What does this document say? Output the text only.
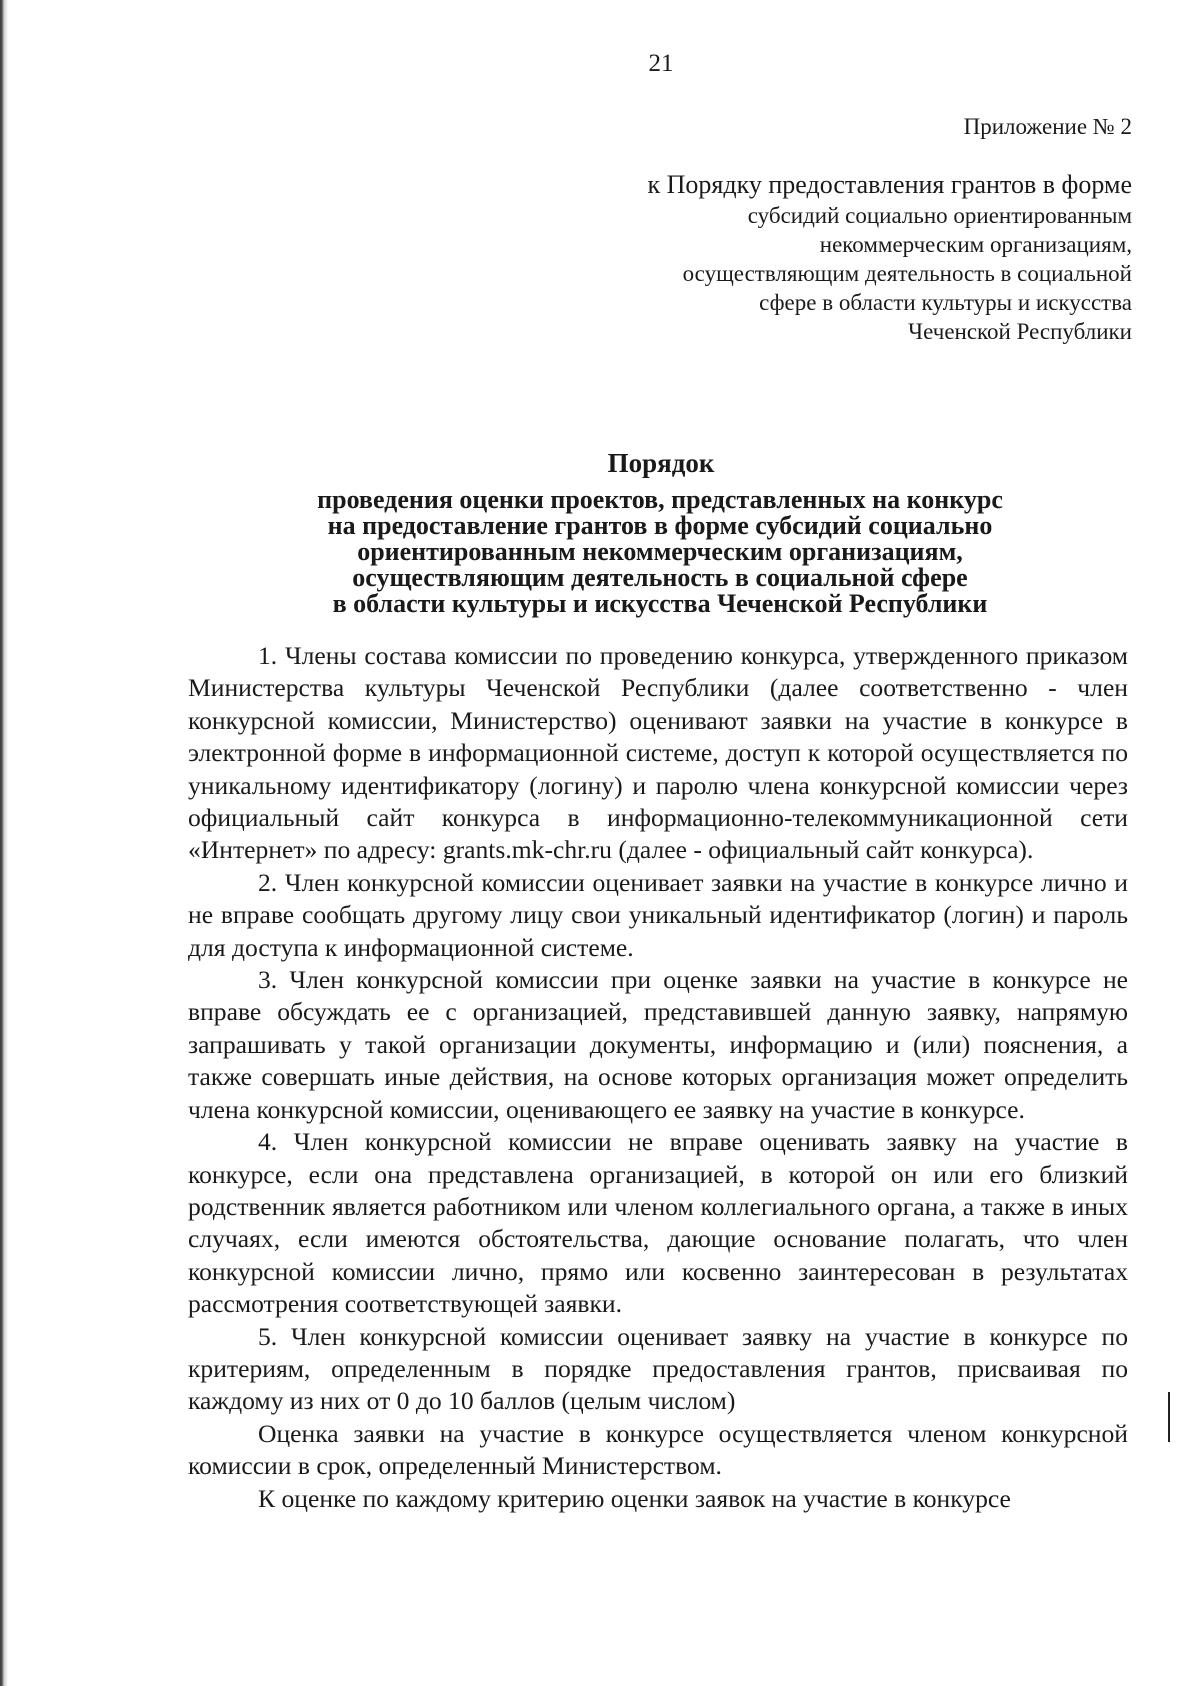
21
Приложение № 2
к Порядку предоставления грантов в форме
субсидий социально ориентированным
некоммерческим организациям,
осуществляющим деятельность в социальной
сфере в области культуры и искусства
Чеченской Республики
Порядок
проведения оценки проектов, представленных на конкурс
на предоставление грантов в форме субсидий социально
ориентированным некоммерческим организациям,
осуществляющим деятельность в социальной сфере
в области культуры и искусства Чеченской Республики

1. Члены состава комиссии по проведению конкурса, утвержденного приказом Министерства культуры Чеченской Республики (далее соответственно - член конкурсной комиссии, Министерство) оценивают заявки на участие в конкурсе в электронной форме в информационной системе, доступ к которой осуществляется по уникальному идентификатору (логину) и паролю члена конкурсной комиссии через официальный сайт конкурса в информационно-телекоммуникационной сети «Интернет» по адресу: grants.mk-chr.ru (далее - официальный сайт конкурса).

2. Член конкурсной комиссии оценивает заявки на участие в конкурсе лично и не вправе сообщать другому лицу свои уникальный идентификатор (логин) и пароль для доступа к информационной системе.

3. Член конкурсной комиссии при оценке заявки на участие в конкурсе не вправе обсуждать ее с организацией, представившей данную заявку, напрямую запрашивать у такой организации документы, информацию и (или) пояснения, а также совершать иные действия, на основе которых организация может определить члена конкурсной комиссии, оценивающего ее заявку на участие в конкурсе.

4. Член конкурсной комиссии не вправе оценивать заявку на участие в конкурсе, если она представлена организацией, в которой он или его близкий родственник является работником или членом коллегиального органа, а также в иных случаях, если имеются обстоятельства, дающие основание полагать, что член конкурсной комиссии лично, прямо или косвенно заинтересован в результатах рассмотрения соответствующей заявки.

5. Член конкурсной комиссии оценивает заявку на участие в конкурсе по критериям, определенным в порядке предоставления грантов, присваивая по каждому из них от 0 до 10 баллов (целым числом)

Оценка заявки на участие в конкурсе осуществляется членом конкурсной комиссии в срок, определенный Министерством.

К оценке по каждому критерию оценки заявок на участие в конкурсе
